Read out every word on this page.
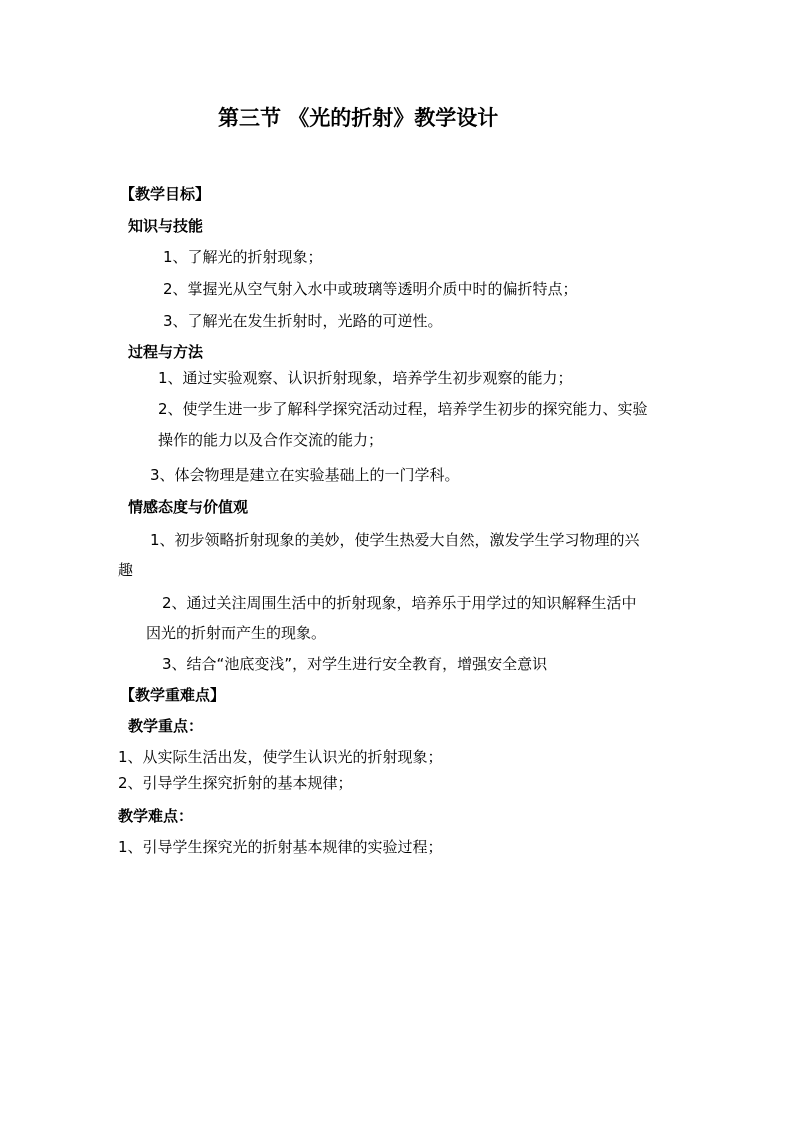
第三节 《光的折射》教学设计
【教学目标】
知识与技能
1、了解光的折射现象；
2、掌握光从空气射入水中或玻璃等透明介质中时的偏折特点；
3、了解光在发生折射时，光路的可逆性。
过程与方法
1、通过实验观察、认识折射现象，培养学生初步观察的能力；
2、使学生进一步了解科学探究活动过程，培养学生初步的探究能力、实验
操作的能力以及合作交流的能力；
3、体会物理是建立在实验基础上的一门学科。
情感态度与价值观
1、初步领略折射现象的美妙，使学生热爱大自然，激发学生学习物理的兴
趣
2、通过关注周围生活中的折射现象，培养乐于用学过的知识解释生活中
因光的折射而产生的现象。
3、结合“池底变浅”，对学生进行安全教育，增强安全意识
【教学重难点】
教学重点：
1、从实际生活出发，使学生认识光的折射现象；
2、引导学生探究折射的基本规律；
教学难点：
1、引导学生探究光的折射基本规律的实验过程；
